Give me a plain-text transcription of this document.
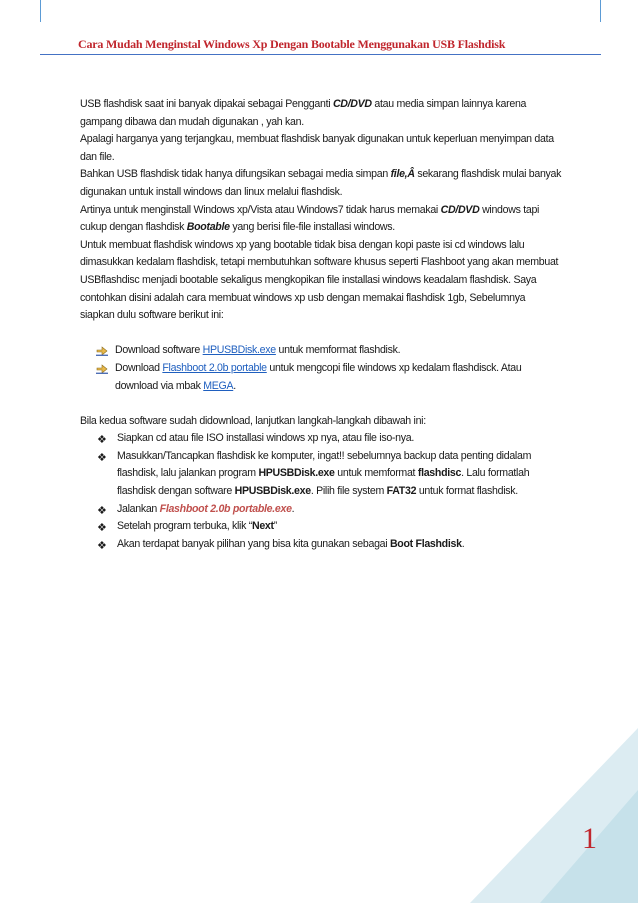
Cara Mudah Menginstal Windows Xp Dengan Bootable Menggunakan USB Flashdisk

USB flashdisk saat ini banyak dipakai sebagai Pengganti CD/DVD atau media simpan lainnya karena gampang dibawa dan mudah digunakan , yah kan.

Apalagi harganya yang terjangkau, membuat flashdisk banyak digunakan untuk keperluan menyimpan data dan file.

Bahkan USB flashdisk tidak hanya difungsikan sebagai media simpan file,Â sekarang flashdisk mulai banyak digunakan untuk install windows dan linux melalui flashdisk.

Artinya untuk menginstall Windows xp/Vista atau Windows7 tidak harus memakai CD/DVD windows tapi cukup dengan flashdisk Bootable yang berisi file-file installasi windows.

Untuk membuat flashdisk windows xp yang bootable tidak bisa dengan kopi paste isi cd windows lalu dimasukkan kedalam flashdisk, tetapi membutuhkan software khusus seperti Flashboot yang akan membuat USBflashdisc menjadi bootable sekaligus mengkopikan file installasi windows keadalam flashdisk. Saya contohkan disini adalah cara membuat windows xp usb dengan memakai flashdisk 1gb, Sebelumnya siapkan dulu software berikut ini:

Download software HPUSBDisk.exe untuk memformat flashdisk.
Download Flashboot 2.0b portable untuk mengcopi file windows xp kedalam flashdisck. Atau download via mbak MEGA.

Bila kedua software sudah didownload, lanjutkan langkah-langkah dibawah ini:

❖ Siapkan cd atau file ISO installasi windows xp nya, atau file iso-nya.
❖ Masukkan/Tancapkan flashdisk ke komputer, ingat!! sebelumnya backup data penting didalam flashdisk, lalu jalankan program HPUSBDisk.exe untuk memformat flashdisc. Lalu formatlah flashdisk dengan software HPUSBDisk.exe. Pilih file system FAT32 untuk format flashdisk.
❖ Jalankan Flashboot 2.0b portable.exe.
❖ Setelah program terbuka, klik “Next”
❖ Akan terdapat banyak pilihan yang bisa kita gunakan sebagai Boot Flashdisk.

1
